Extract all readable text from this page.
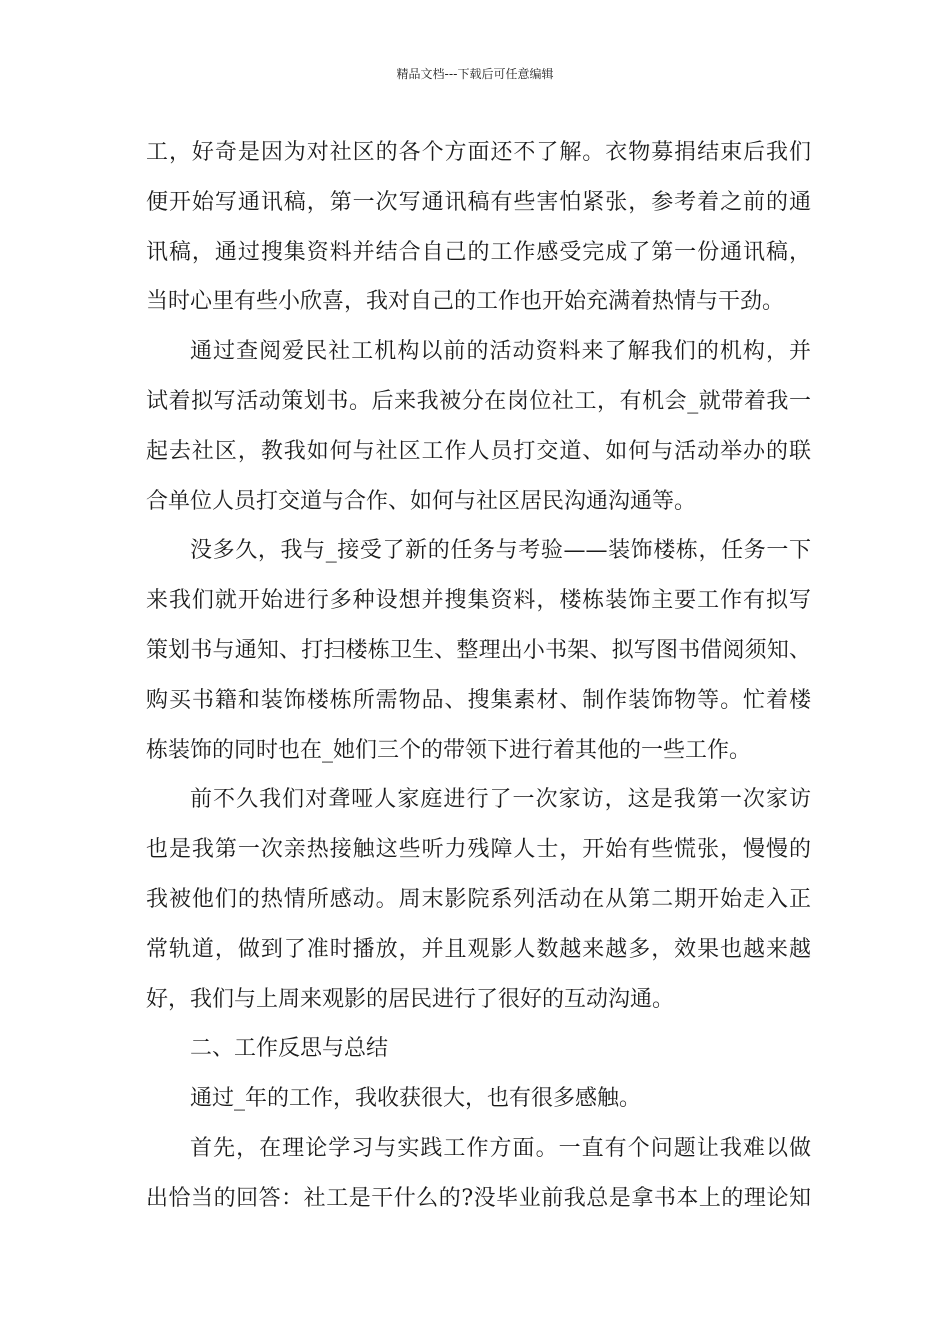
精品文档---下载后可任意编辑
工，好奇是因为对社区的各个方面还不了解。衣物募捐结束后我们
便开始写通讯稿，第一次写通讯稿有些害怕紧张，参考着之前的通
讯稿，通过搜集资料并结合自己的工作感受完成了第一份通讯稿，
当时心里有些小欣喜，我对自己的工作也开始充满着热情与干劲。
通过查阅爱民社工机构以前的活动资料来了解我们的机构，并
试着拟写活动策划书。后来我被分在岗位社工，有机会_就带着我一
起去社区，教我如何与社区工作人员打交道、如何与活动举办的联
合单位人员打交道与合作、如何与社区居民沟通沟通等。
没多久，我与_接受了新的任务与考验——装饰楼栋，任务一下
来我们就开始进行多种设想并搜集资料，楼栋装饰主要工作有拟写
策划书与通知、打扫楼栋卫生、整理出小书架、拟写图书借阅须知、
购买书籍和装饰楼栋所需物品、搜集素材、制作装饰物等。忙着楼
栋装饰的同时也在_她们三个的带领下进行着其他的一些工作。
前不久我们对聋哑人家庭进行了一次家访，这是我第一次家访
也是我第一次亲热接触这些听力残障人士，开始有些慌张，慢慢的
我被他们的热情所感动。周末影院系列活动在从第二期开始走入正
常轨道，做到了准时播放，并且观影人数越来越多，效果也越来越
好，我们与上周来观影的居民进行了很好的互动沟通。
二、工作反思与总结
通过_年的工作，我收获很大，也有很多感触。
首先，在理论学习与实践工作方面。一直有个问题让我难以做
出恰当的回答：社工是干什么的?没毕业前我总是拿书本上的理论知
